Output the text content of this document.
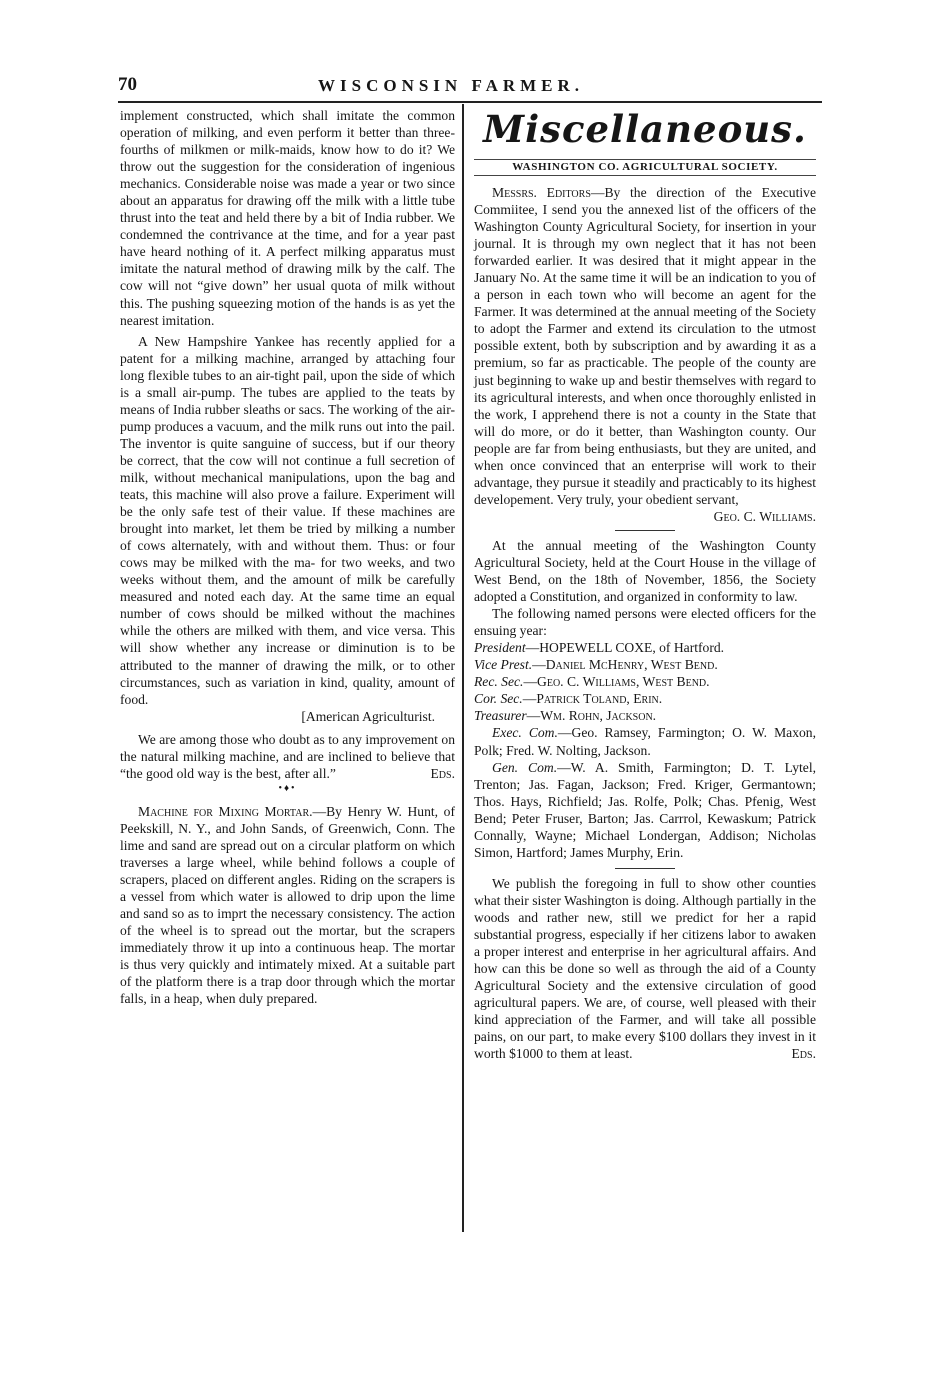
70	WISCONSIN FARMER.

implement constructed, which shall imitate the common operation of milking, and even perform it better than three-fourths of milkmen or milk-maids, know how to do it? We throw out the suggestion for the consideration of ingenious mechanics. Considerable noise was made a year or two since about an apparatus for drawing off the milk with a little tube thrust into the teat and held there by a bit of India rubber. We condemned the contrivance at the time, and for a year past have heard nothing of it. A perfect milking apparatus must imitate the natural method of drawing milk by the calf. The cow will not “give down” her usual quota of milk without this. The pushing squeezing motion of the hands is as yet the nearest imitation.

A New Hampshire Yankee has recently applied for a patent for a milking machine, arranged by attaching four long flexible tubes to an air-tight pail, upon the side of which is a small air-pump. The tubes are applied to the teats by means of India rubber sleaths or sacs. The working of the air-pump produces a vacuum, and the milk runs out into the pail. The inventor is quite sanguine of success, but if our theory be correct, that the cow will not continue a full secretion of milk, without mechanical manipulations, upon the bag and teats, this machine will also prove a failure. Experiment will be the only safe test of their value. If these machines are brought into market, let them be tried by milking a number of cows alternately, with and without them. Thus: or four cows may be milked with the ma- for two weeks, and two weeks without them, and the amount of milk be carefully measured and noted each day. At the same time an equal number of cows should be milked without the machines while the others are milked with them, and vice versa. This will show whether any increase or diminution is to be attributed to the manner of drawing the milk, or to other circumstances, such as variation in kind, quality, amount of food.

[American Agriculturist.

We are among those who doubt as to any improvement on the natural milking machine, and are inclined to believe that “the good old way is the best, after all.”	Eds.

•♦•

Machine for Mixing Mortar.—By Henry W. Hunt, of Peekskill, N. Y., and John Sands, of Greenwich, Conn. The lime and sand are spread out on a circular platform on which traverses a large wheel, while behind follows a couple of scrapers, placed on different angles. Riding on the scrapers is a vessel from which water is allowed to drip upon the lime and sand so as to imprt the necessary consistency. The action of the wheel is to spread out the mortar, but the scrapers immediately throw it up into a continuous heap. The mortar is thus very quickly and intimately mixed. At a suitable part of the platform there is a trap door through which the mortar falls, in a heap, when duly prepared.

Miscellaneous.
WASHINGTON CO. AGRICULTURAL SOCIETY.

Messrs. Editors—By the direction of the Executive Commiitee, I send you the annexed list of the officers of the Washington County Agricultural Society, for insertion in your journal. It is through my own neglect that it has not been forwarded earlier. It was desired that it might appear in the January No. At the same time it will be an indication to you of a person in each town who will become an agent for the Farmer. It was determined at the annual meeting of the Society to adopt the Farmer and extend its circulation to the utmost possible extent, both by subscription and by awarding it as a premium, so far as practicable. The people of the county are just beginning to wake up and bestir themselves with regard to its agricultural interests, and when once thoroughly enlisted in the work, I apprehend there is not a county in the State that will do more, or do it better, than Washington county. Our people are far from being enthusiasts, but they are united, and when once convinced that an enterprise will work to their advantage, they pursue it steadily and practicably to its highest developement. Very truly, your obedient servant,

Geo. C. Williams.

At the annual meeting of the Washington County Agricultural Society, held at the Court House in the village of West Bend, on the 18th of November, 1856, the Society adopted a Constitution, and organized in conformity to law.

The following named persons were elected officers for the ensuing year:

President—HOPEWELL COXE, of Hartford.

Vice Prest.—Daniel McHenry, West Bend.

Rec. Sec.—Geo. C. Williams, West Bend.

Cor. Sec.—Patrick Toland, Erin.

Treasurer—Wm. Rohn, Jackson.

Exec. Com.—Geo. Ramsey, Farmington; O. W. Maxon, Polk; Fred. W. Nolting, Jackson.

Gen. Com.—W. A. Smith, Farmington; D. T. Lytel, Trenton; Jas. Fagan, Jackson; Fred. Kriger, Germantown; Thos. Hays, Richfield; Jas. Rolfe, Polk; Chas. Pfenig, West Bend; Peter Fruser, Barton; Jas. Carrrol, Kewaskum; Patrick Connally, Wayne; Michael Londergan, Addison; Nicholas Simon, Hartford; James Murphy, Erin.

We publish the foregoing in full to show other counties what their sister Washington is doing. Although partially in the woods and rather new, still we predict for her a rapid substantial progress, especially if her citizens labor to awaken a proper interest and enterprise in her agricultural affairs. And how can this be done so well as through the aid of a County Agricultural Society and the extensive circulation of good agricultural papers. We are, of course, well pleased with their kind appreciation of the Farmer, and will take all possible pains, on our part, to make every $100 dollars they invest in it worth $1000 to them at least.	Eds.
